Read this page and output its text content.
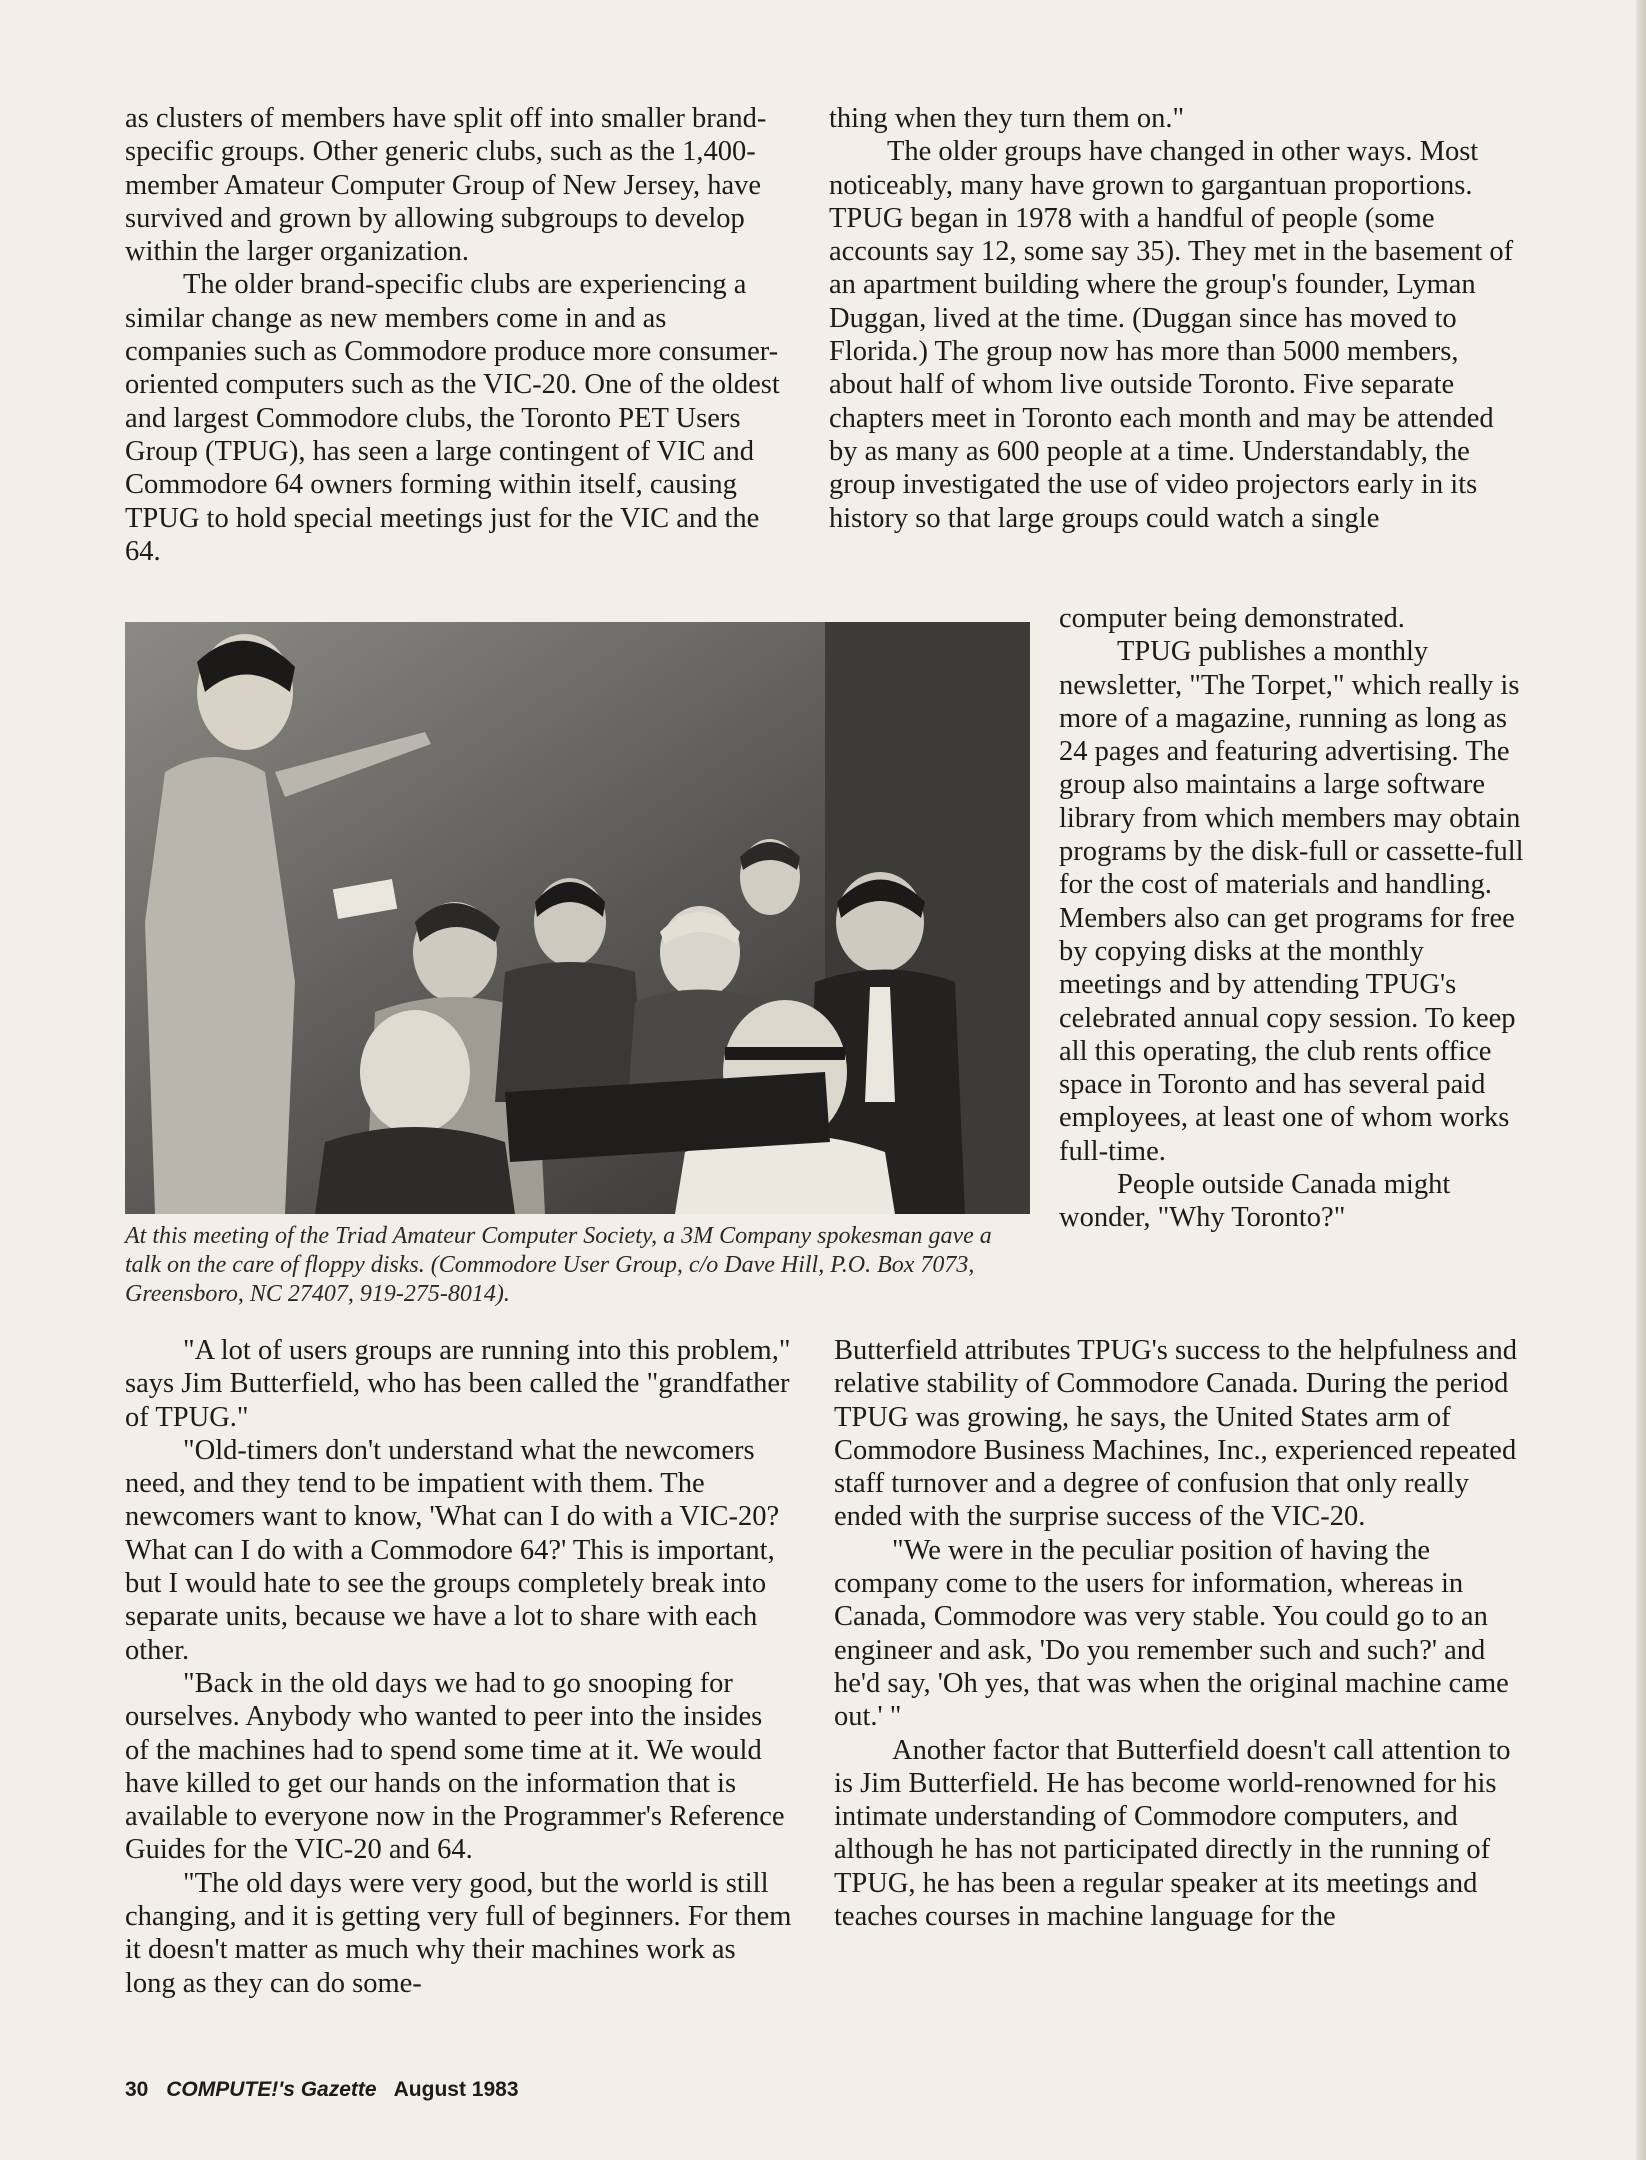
as clusters of members have split off into smaller brand-specific groups. Other generic clubs, such as the 1,400-member Amateur Computer Group of New Jersey, have survived and grown by allowing subgroups to develop within the larger organization.

The older brand-specific clubs are experiencing a similar change as new members come in and as companies such as Commodore produce more consumer-oriented computers such as the VIC-20. One of the oldest and largest Commodore clubs, the Toronto PET Users Group (TPUG), has seen a large contingent of VIC and Commodore 64 owners forming within itself, causing TPUG to hold special meetings just for the VIC and the 64.

thing when they turn them on."

The older groups have changed in other ways. Most noticeably, many have grown to gargantuan proportions. TPUG began in 1978 with a handful of people (some accounts say 12, some say 35). They met in the basement of an apartment building where the group's founder, Lyman Duggan, lived at the time. (Duggan since has moved to Florida.) The group now has more than 5000 members, about half of whom live outside Toronto. Five separate chapters meet in Toronto each month and may be attended by as many as 600 people at a time. Understandably, the group investigated the use of video projectors early in its history so that large groups could watch a single

computer being demonstrated.

TPUG publishes a monthly newsletter, "The Torpet," which really is more of a magazine, running as long as 24 pages and featuring advertising. The group also maintains a large software library from which members may obtain programs by the disk-full or cassette-full for the cost of materials and handling. Members also can get programs for free by copying disks at the monthly meetings and by attending TPUG's celebrated annual copy session. To keep all this operating, the club rents office space in Toronto and has several paid employees, at least one of whom works full-time.

People outside Canada might wonder, "Why Toronto?"

At this meeting of the Triad Amateur Computer Society, a 3M Company spokesman gave a talk on the care of floppy disks. (Commodore User Group, c/o Dave Hill, P.O. Box 7073, Greensboro, NC 27407, 919-275-8014).

"A lot of users groups are running into this problem," says Jim Butterfield, who has been called the "grandfather of TPUG."

"Old-timers don't understand what the newcomers need, and they tend to be impatient with them. The newcomers want to know, 'What can I do with a VIC-20? What can I do with a Commodore 64?' This is important, but I would hate to see the groups completely break into separate units, because we have a lot to share with each other.

"Back in the old days we had to go snooping for ourselves. Anybody who wanted to peer into the insides of the machines had to spend some time at it. We would have killed to get our hands on the information that is available to everyone now in the Programmer's Reference Guides for the VIC-20 and 64.

"The old days were very good, but the world is still changing, and it is getting very full of beginners. For them it doesn't matter as much why their machines work as long as they can do some-

Butterfield attributes TPUG's success to the helpfulness and relative stability of Commodore Canada. During the period TPUG was growing, he says, the United States arm of Commodore Business Machines, Inc., experienced repeated staff turnover and a degree of confusion that only really ended with the surprise success of the VIC-20.

"We were in the peculiar position of having the company come to the users for information, whereas in Canada, Commodore was very stable. You could go to an engineer and ask, 'Do you remember such and such?' and he'd say, 'Oh yes, that was when the original machine came out.' "

Another factor that Butterfield doesn't call attention to is Jim Butterfield. He has become world-renowned for his intimate understanding of Commodore computers, and although he has not participated directly in the running of TPUG, he has been a regular speaker at its meetings and teaches courses in machine language for the

30 COMPUTE!'s Gazette August 1983
